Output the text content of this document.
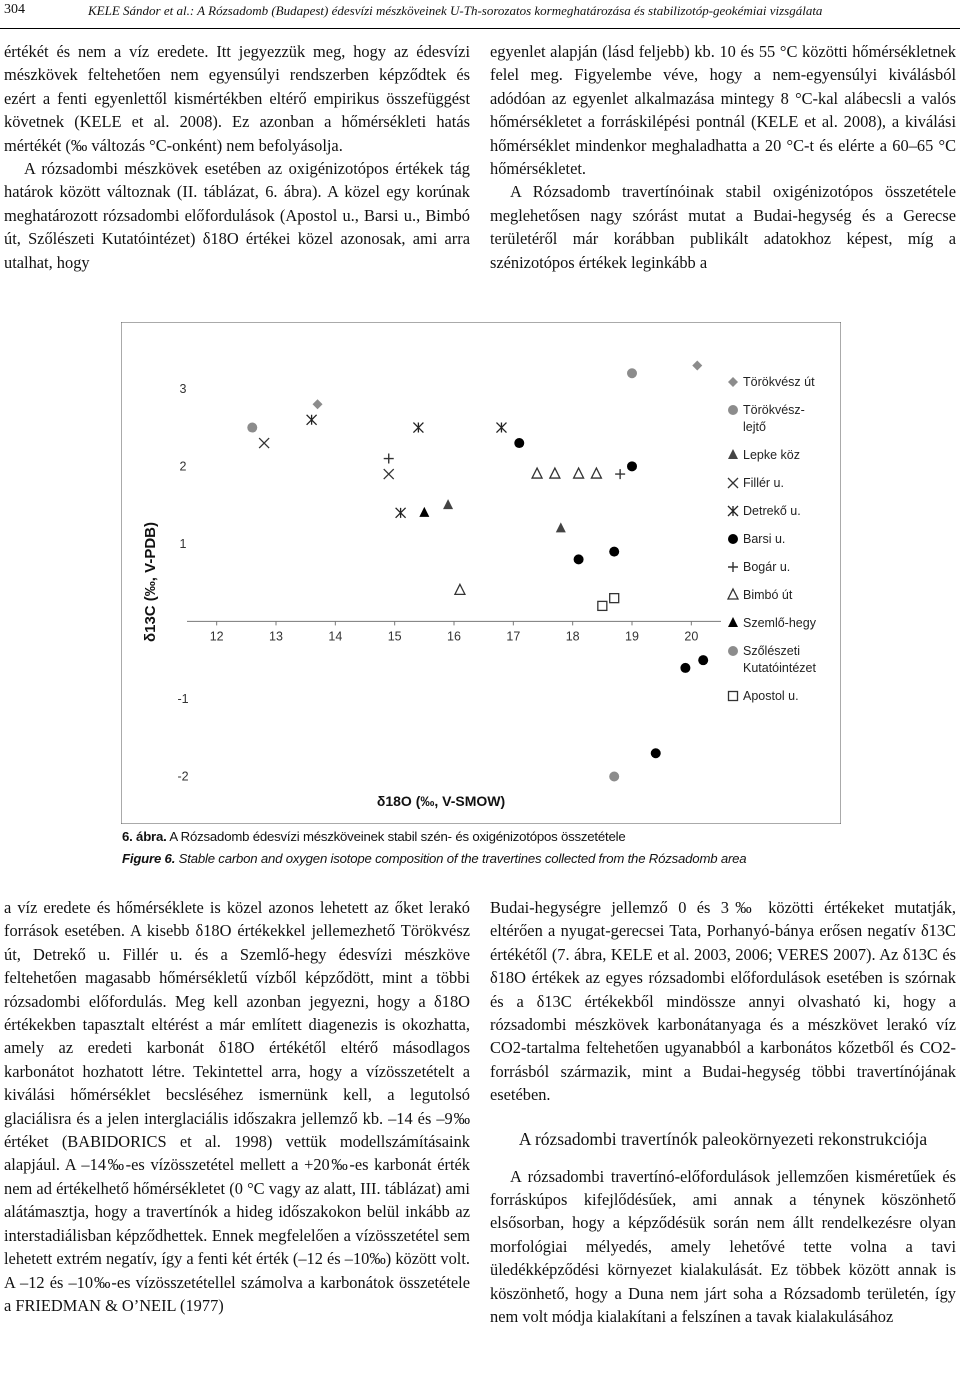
304	KELE Sándor et al.: A Rózsadomb (Budapest) édesvízi mészköveinek U-Th-sorozatos kormeghatározása és stabilizotóp-geokémiai vizsgálata

értékét és nem a víz eredete. Itt jegyezzük meg, hogy az édesvízi mészkövek feltehetően nem egyensúlyi rendszerben képződtek és ezért a fenti egyenlettől kismértékben eltérő empirikus összefüggést követnek (KELE et al. 2008). Ez azonban a hőmérsékleti hatás mértékét (‰ változás °C-onként) nem befolyásolja.

A rózsadombi mészkövek esetében az oxigénizotópos értékek tág határok között változnak (II. táblázat, 6. ábra). A közel egy korúnak meghatározott rózsadombi előfordulások (Apostol u., Barsi u., Bimbó út, Szőlészeti Kutatóintézet) δ18O értékei közel azonosak, ami arra utalhat, hogy

egyenlet alapján (lásd feljebb) kb. 10 és 55 °C közötti hőmérsékletnek felel meg. Figyelembe véve, hogy a nem-egyensúlyi kiválásból adódóan az egyenlet alkalmazása mintegy 8 °C-kal alábecsli a valós hőmérsékletet a forráskilépési pontnál (KELE et al. 2008), a kiválási hőmérséklet mindenkor meghaladhatta a 20 °C-t és elérte a 60–65 °C hőmérsékletet.

A Rózsadomb travertínóinak stabil oxigénizotópos összetétele meglehetősen nagy szórást mutat a Budai-hegység és a Gerecse területéről már korábban publikált adatokhoz képest, míg a szénizotópos értékek leginkább a

12	13	14	15	16	17	18	19	20
-2
-1
1
2
3	Törökvész út
Törökvész-
lejtő
Lepke köz
Fillér u.
Detrekő u.
Barsi u.
Bogár u.
Bimbó út
Szemlő-hegy
Szőlészeti
Kutatóintézet
Apostol u.
δ18O (‰, V-SMOW)
δ13C (‰, V-PDB)
6. ábra. A Rózsadomb édesvízi mészköveinek stabil szén- és oxigénizotópos összetétele
Figure 6. Stable carbon and oxygen isotope composition of the travertines collected from the Rózsadomb area

a víz eredete és hőmérséklete is közel azonos lehetett az őket lerakó források esetében. A kisebb δ18O értékekkel jellemezhető Törökvész út, Detrekő u. Fillér u. és a Szemlő-hegy édesvízi mészköve feltehetően magasabb hőmérsékletű vízből képződött, mint a többi rózsadombi előfordulás. Meg kell azonban jegyezni, hogy a δ18O értékekben tapasztalt eltérést a már említett diagenezis is okozhatta, amely az eredeti karbonát δ18O értékétől eltérő másodlagos karbonátot hozhatott létre. Tekintettel arra, hogy a vízösszetételt a kiválási hőmérséklet becsléséhez ismernünk kell, a legutolsó glaciálisra és a jelen interglaciális időszakra jellemző kb. –14 és –9‰ értéket (BABIDORICS et al. 1998) vettük modellszámításaink alapjául. A –14‰-es vízösszetétel mellett a +20‰-es karbonát érték nem ad értékelhető hőmérsékletet (0 °C vagy az alatt, III. táblázat) ami alátámasztja, hogy a travertínók a hideg időszakokon belül inkább az interstadiálisban képződhettek. Ennek megfelelően a vízösszetétel sem lehetett extrém negatív, így a fenti két érték (–12 és –10‰) között volt. A –12 és –10‰-es vízösszetétellel számolva a karbonátok összetétele a FRIEDMAN & O’NEIL (1977)

Budai-hegységre jellemző 0 és 3‰ közötti értékeket mutatják, eltérően a nyugat-gerecsei Tata, Porhanyó-bánya erősen negatív δ13C értékétől (7. ábra, KELE et al. 2003, 2006; VERES 2007). Az δ13C és δ18O értékek az egyes rózsadombi előfordulások esetében is szórnak és a δ13C értékekből mindössze annyi olvasható ki, hogy a rózsadombi mészkövek karbonátanyaga és a mészkövet lerakó víz CO2-tartalma feltehetően ugyanabból a karbonátos kőzetből és CO2-forrásból származik, mint a Budai-hegység többi travertínójának esetében.

A rózsadombi travertínók paleokörnyezeti rekonstrukciója

A rózsadombi travertínó-előfordulások jellemzően kisméretűek és forráskúpos kifejlődésűek, ami annak a ténynek köszönhető elsősorban, hogy a képződésük során nem állt rendelkezésre olyan morfológiai mélyedés, amely lehetővé tette volna a tavi üledékképződési környezet kialakulását. Ez többek között annak is köszönhető, hogy a Duna nem járt soha a Rózsadomb területén, így nem volt módja kialakítani a felszínen a tavak kialakulásához
